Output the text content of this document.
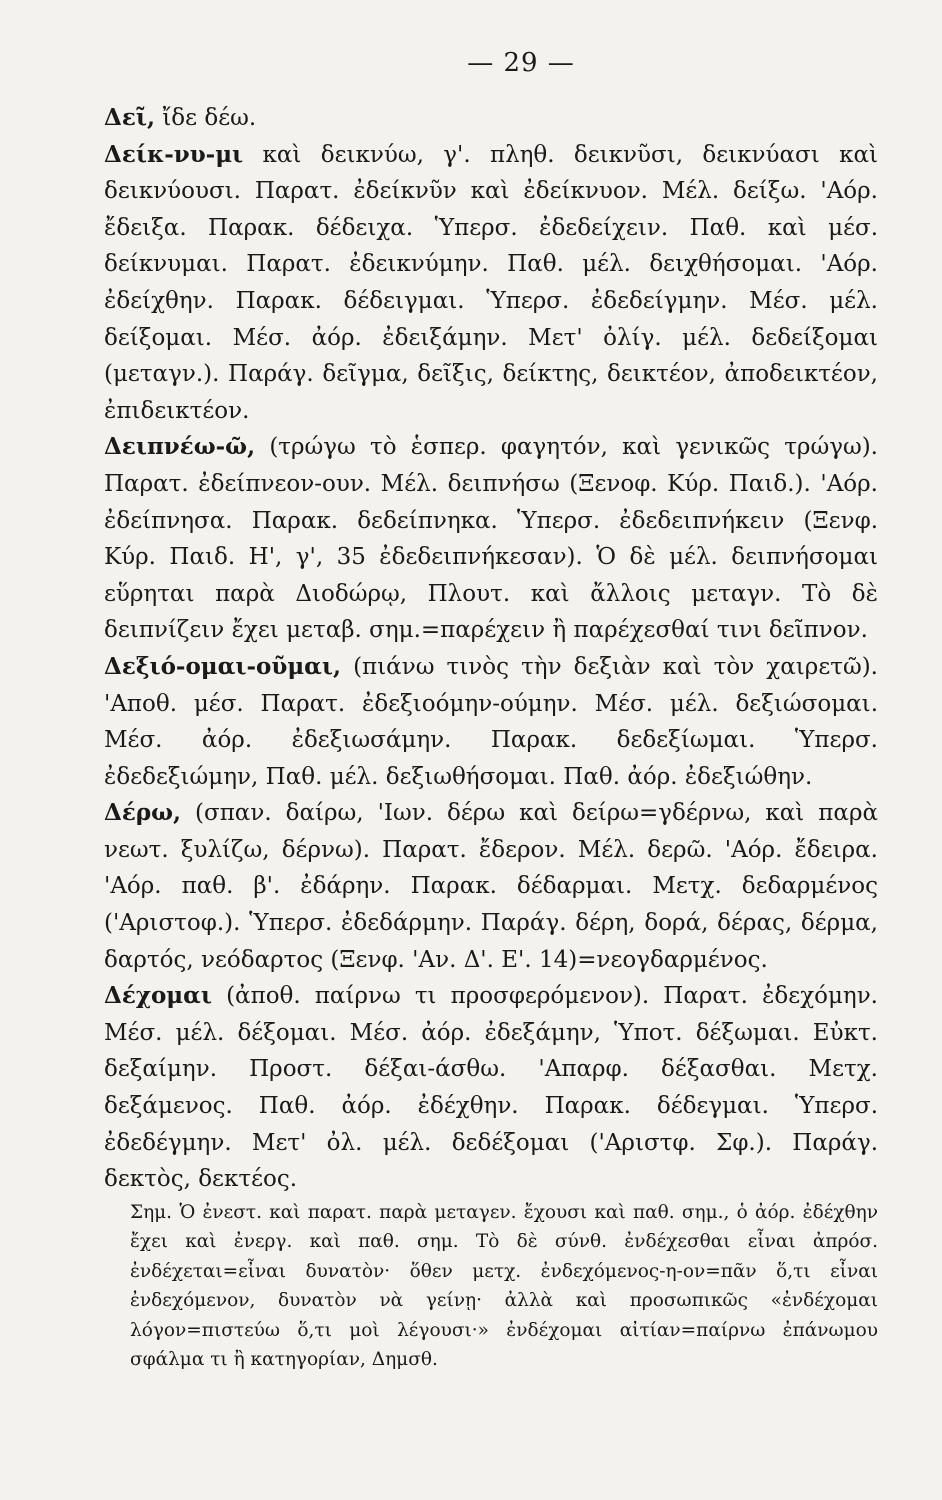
— 29 —

Δεῖ, ἴδε δέω.

Δείκ-νυ-μι καὶ δεικνύω, γ'. πληθ. δεικνῦσι, δεικνύασι καὶ δεικνύουσι. Παρατ. ἐδείκνῦν καὶ ἐδείκνυον. Μέλ. δείξω. 'Αόρ. ἔδειξα. Παρακ. δέδειχα. Ὑπερσ. ἐδεδείχειν. Παθ. καὶ μέσ. δείκνυμαι. Παρατ. ἐδεικνύμην. Παθ. μέλ. δειχθήσομαι. 'Αόρ. ἐδείχθην. Παρακ. δέδειγμαι. Ὑπερσ. ἐδεδείγμην. Μέσ. μέλ. δείξομαι. Μέσ. ἀόρ. ἐδειξάμην. Μετ' ὀλίγ. μέλ. δεδείξομαι (μεταγν.). Παράγ. δεῖγμα, δεῖξις, δείκτης, δεικτέον, ἀποδεικτέον, ἐπιδεικτέον.

Δειπνέω-ῶ, (τρώγω τὸ ἑσπερ. φαγητόν, καὶ γενικῶς τρώγω). Παρατ. ἐδείπνεον-ουν. Μέλ. δειπνήσω (Ξενοφ. Κύρ. Παιδ.). 'Αόρ. ἐδείπνησα. Παρακ. δεδείπνηκα. Ὑπερσ. ἐδεδειπνήκειν (Ξενφ. Κύρ. Παιδ. Η', γ', 35 ἐδεδειπνήκεσαν). Ὁ δὲ μέλ. δειπνήσομαι εὕρηται παρὰ Διοδώρῳ, Πλουτ. καὶ ἄλλοις μεταγν. Τὸ δὲ δειπνίζειν ἔχει μεταβ. σημ.=παρέχειν ἢ παρέχεσθαί τινι δεῖπνον.

Δεξιό-ομαι-οῦμαι, (πιάνω τινὸς τὴν δεξιὰν καὶ τὸν χαιρετῶ). 'Αποθ. μέσ. Παρατ. ἐδεξιοόμην-ούμην. Μέσ. μέλ. δεξιώσομαι. Μέσ. ἀόρ. ἐδεξιωσάμην. Παρακ. δεδεξίωμαι. Ὑπερσ. ἐδεδεξιώμην, Παθ. μέλ. δεξιωθήσομαι. Παθ. ἀόρ. ἐδεξιώθην.

Δέρω, (σπαν. δαίρω, 'Ιων. δέρω καὶ δείρω=γδέρνω, καὶ παρὰ νεωτ. ξυλίζω, δέρνω). Παρατ. ἔδερον. Μέλ. δερῶ. 'Αόρ. ἔδειρα. 'Αόρ. παθ. β'. ἐδάρην. Παρακ. δέδαρμαι. Μετχ. δεδαρμένος ('Αριστοφ.). Ὑπερσ. ἐδεδάρμην. Παράγ. δέρη, δορά, δέρας, δέρμα, δαρτός, νεόδαρτος (Ξενφ. 'Αν. Δ'. Ε'. 14)=νεογδαρμένος.

Δέχομαι (ἀποθ. παίρνω τι προσφερόμενον). Παρατ. ἐδεχόμην. Μέσ. μέλ. δέξομαι. Μέσ. ἀόρ. ἐδεξάμην, Ὑποτ. δέξωμαι. Εὐκτ. δεξαίμην. Προστ. δέξαι-άσθω. 'Απαρφ. δέξασθαι. Μετχ. δεξάμενος. Παθ. ἀόρ. ἐδέχθην. Παρακ. δέδεγμαι. Ὑπερσ. ἐδεδέγμην. Μετ' ὀλ. μέλ. δεδέξομαι ('Αριστφ. Σφ.). Παράγ. δεκτὸς, δεκτέος.

Σημ. Ὁ ἐνεστ. καὶ παρατ. παρὰ μεταγεν. ἔχουσι καὶ παθ. σημ., ὁ ἀόρ. ἐδέχθην ἔχει καὶ ἐνεργ. καὶ παθ. σημ. Τὸ δὲ σύνθ. ἐνδέχεσθαι εἶναι ἀπρόσ. ἐνδέχεται=εἶναι δυνατὸν· ὅθεν μετχ. ἐνδεχόμενος-η-ον=πᾶν ὅ,τι εἶναι ἐνδεχόμενον, δυνατὸν νὰ γείνῃ· ἀλλὰ καὶ προσωπικῶς «ἐνδέχομαι λόγον=πιστεύω ὅ,τι μοὶ λέγουσι·» ἐνδέχομαι αἰτίαν=παίρνω ἐπάνωμου σφάλμα τι ἢ κατηγορίαν, Δημσθ.
